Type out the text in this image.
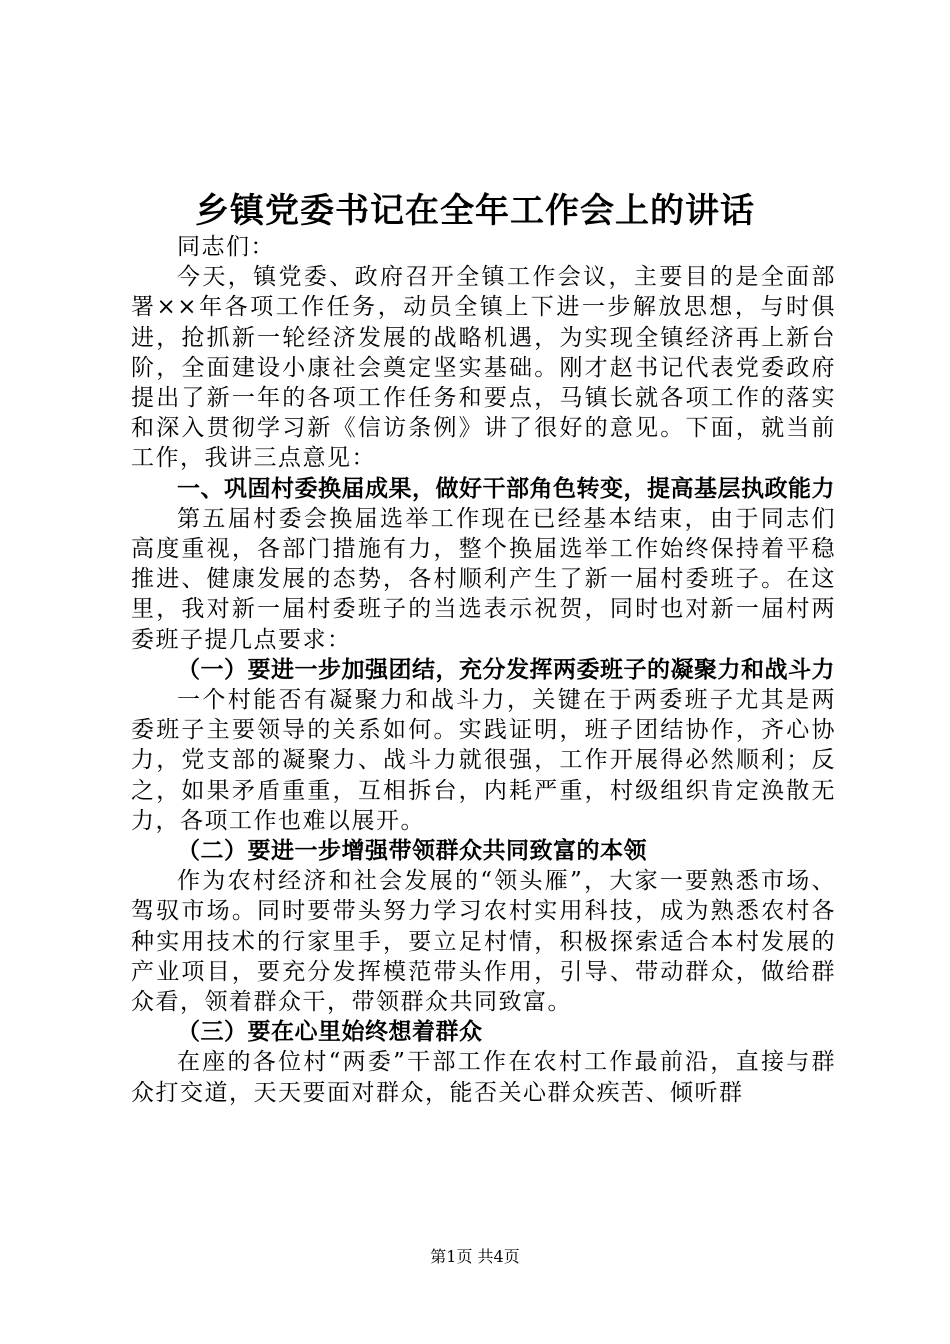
乡镇党委书记在全年工作会上的讲话

同志们：

今天，镇党委、政府召开全镇工作会议，主要目的是全面部署××年各项工作任务，动员全镇上下进一步解放思想，与时俱进，抢抓新一轮经济发展的战略机遇，为实现全镇经济再上新台阶，全面建设小康社会奠定坚实基础。刚才赵书记代表党委政府提出了新一年的各项工作任务和要点，马镇长就各项工作的落实和深入贯彻学习新《信访条例》讲了很好的意见。下面，就当前工作，我讲三点意见：

一、巩固村委换届成果，做好干部角色转变，提高基层执政能力

第五届村委会换届选举工作现在已经基本结束，由于同志们高度重视，各部门措施有力，整个换届选举工作始终保持着平稳推进、健康发展的态势，各村顺利产生了新一届村委班子。在这里，我对新一届村委班子的当选表示祝贺，同时也对新一届村两委班子提几点要求：

（一）要进一步加强团结，充分发挥两委班子的凝聚力和战斗力

一个村能否有凝聚力和战斗力，关键在于两委班子尤其是两委班子主要领导的关系如何。实践证明，班子团结协作，齐心协力，党支部的凝聚力、战斗力就很强，工作开展得必然顺利；反之，如果矛盾重重，互相拆台，内耗严重，村级组织肯定涣散无力，各项工作也难以展开。

（二）要进一步增强带领群众共同致富的本领

作为农村经济和社会发展的“领头雁”，大家一要熟悉市场、驾驭市场。同时要带头努力学习农村实用科技，成为熟悉农村各种实用技术的行家里手，要立足村情，积极探索适合本村发展的产业项目，要充分发挥模范带头作用，引导、带动群众，做给群众看，领着群众干，带领群众共同致富。

（三）要在心里始终想着群众

在座的各位村“两委”干部工作在农村工作最前沿，直接与群众打交道，天天要面对群众，能否关心群众疾苦、倾听群

第1页 共4页
